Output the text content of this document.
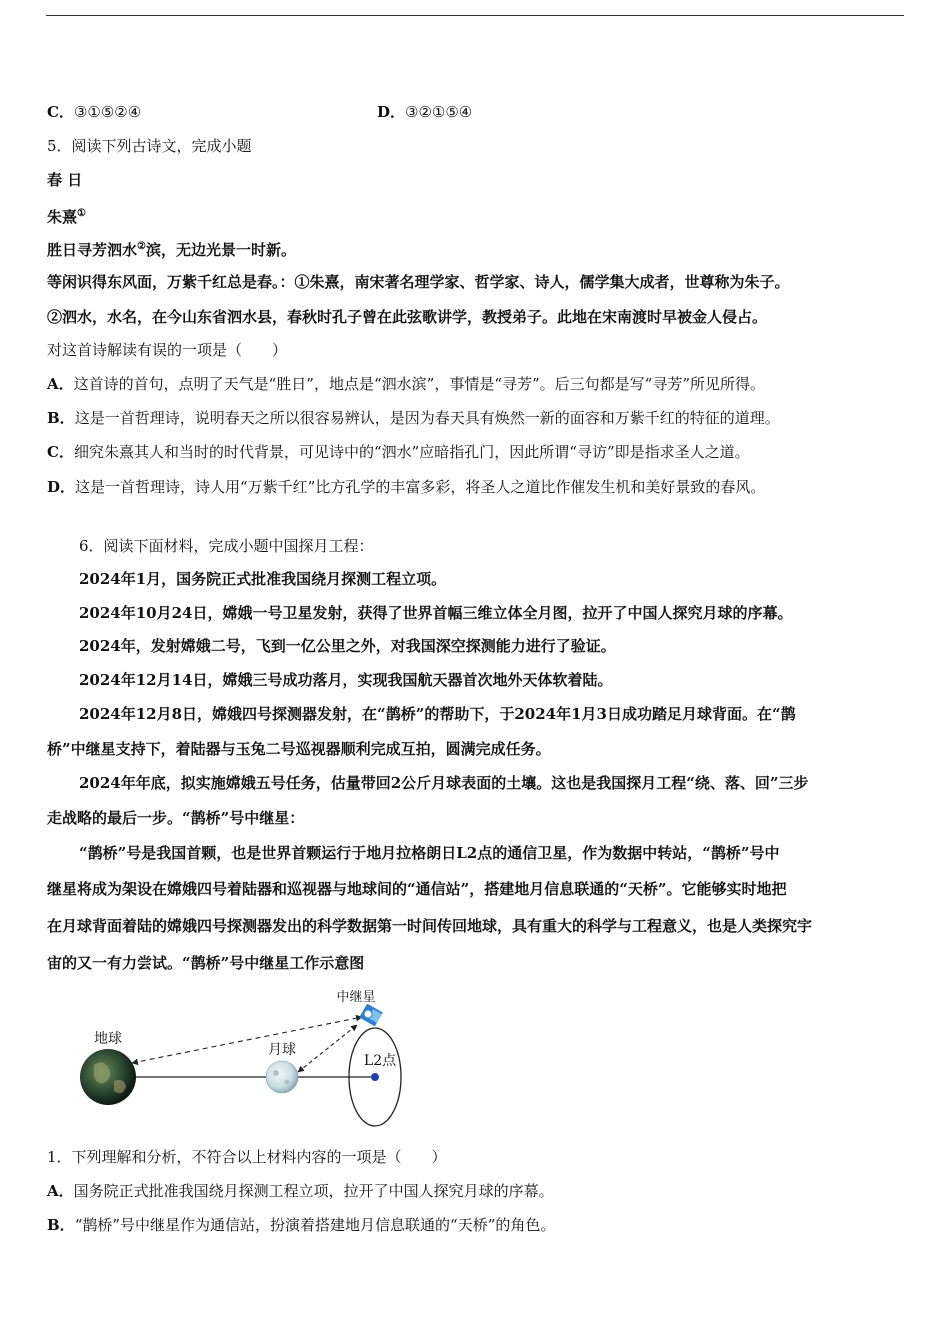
C．③①⑤②④	D．③②①⑤④
5．阅读下列古诗文，完成小题
春 日
朱熹①
胜日寻芳泗水②滨，无边光景一时新。
等闲识得东风面，万紫千红总是春。：①朱熹，南宋著名理学家、哲学家、诗人，儒学集大成者，世尊称为朱子。
②泗水，水名，在今山东省泗水县，春秋时孔子曾在此弦歌讲学，教授弟子。此地在宋南渡时早被金人侵占。
对这首诗解读有误的一项是（　　）
A．这首诗的首句，点明了天气是“胜日”，地点是“泗水滨”，事情是“寻芳”。后三句都是写“寻芳”所见所得。
B．这是一首哲理诗，说明春天之所以很容易辨认，是因为春天具有焕然一新的面容和万紫千红的特征的道理。
C．细究朱熹其人和当时的时代背景，可见诗中的“泗水”应暗指孔门，因此所谓“寻访”即是指求圣人之道。
D．这是一首哲理诗，诗人用“万紫千红”比方孔学的丰富多彩，将圣人之道比作催发生机和美好景致的春风。
6．阅读下面材料，完成小题中国探月工程：
2024年1月，国务院正式批准我国绕月探测工程立项。
2024年10月24日，嫦娥一号卫星发射，获得了世界首幅三维立体全月图，拉开了中国人探究月球的序幕。
2024年，发射嫦娥二号，飞到一亿公里之外，对我国深空探测能力进行了验证。
2024年12月14日，嫦娥三号成功落月，实现我国航天器首次地外天体软着陆。
2024年12月8日，嫦娥四号探测器发射，在“鹊桥”的帮助下，于2024年1月3日成功踏足月球背面。在“鹊
桥”中继星支持下，着陆器与玉兔二号巡视器顺利完成互拍，圆满完成任务。
2024年年底，拟实施嫦娥五号任务，估量带回2公斤月球表面的土壤。这也是我国探月工程“绕、落、回”三步
走战略的最后一步。“鹊桥”号中继星：
“鹊桥”号是我国首颗，也是世界首颗运行于地月拉格朗日L2点的通信卫星，作为数据中转站，“鹊桥”号中
继星将成为架设在嫦娥四号着陆器和巡视器与地球间的“通信站”，搭建地月信息联通的“天桥”。它能够实时地把
在月球背面着陆的嫦娥四号探测器发出的科学数据第一时间传回地球，具有重大的科学与工程意义，也是人类探究宇
宙的又一有力尝试。“鹊桥”号中继星工作示意图
地球
月球
中继星
L2点
1．下列理解和分析，不符合以上材料内容的一项是（　　）
A．国务院正式批准我国绕月探测工程立项，拉开了中国人探究月球的序幕。
B．“鹊桥”号中继星作为通信站，扮演着搭建地月信息联通的“天桥”的角色。
